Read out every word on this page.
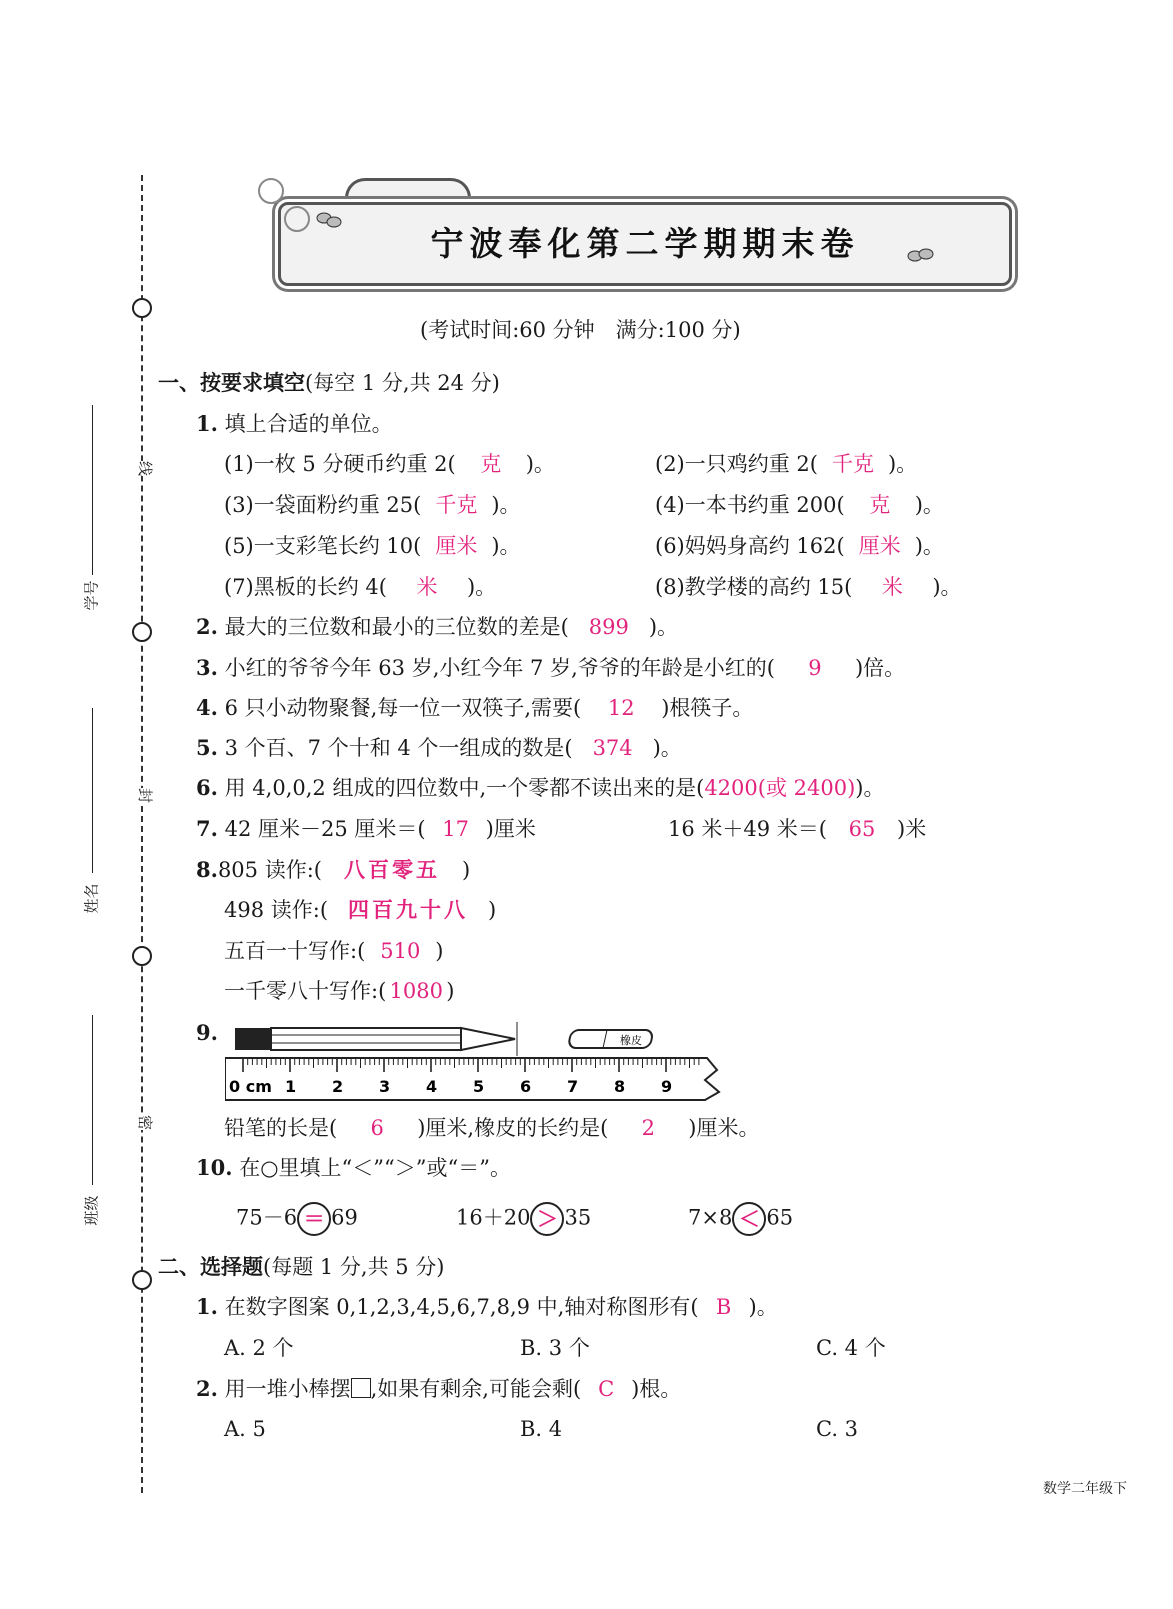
线
封
密
学号
姓名
班级
宁波奉化第二学期期末卷
(考试时间:60 分钟　满分:100 分)
一、按要求填空(每空 1 分,共 24 分)
1. 填上合适的单位。
(1)一枚 5 分硬币约重 2( 克 )。	(2)一只鸡约重 2( 千克 )。
(3)一袋面粉约重 25( 千克 )。	(4)一本书约重 200( 克 )。
(5)一支彩笔长约 10( 厘米 )。	(6)妈妈身高约 162( 厘米 )。
(7)黑板的长约 4( 米 )。	(8)教学楼的高约 15( 米 )。
2. 最大的三位数和最小的三位数的差是( 899 )。
3. 小红的爷爷今年 63 岁,小红今年 7 岁,爷爷的年龄是小红的( 9 )倍。
4. 6 只小动物聚餐,每一位一双筷子,需要( 12 )根筷子。
5. 3 个百、7 个十和 4 个一组成的数是( 374 )。
6. 用 4,0,0,2 组成的四位数中,一个零都不读出来的是(4200(或 2400))。
7. 42 厘米－25 厘米＝( 17 )厘米	16 米＋49 米＝( 65 )米
8.805 读作:( 八百零五 )
498 读作:( 四百九十八 )
五百一十写作:( 510 )
一千零八十写作:( 1080 )
9.	橡皮
0 cm 1 2 3 4 5 6 7 8 9
铅笔的长是( 6 )厘米,橡皮的长约是( 2 )厘米。
10. 在○里填上“＜”“＞”或“＝”。
75－6 ＝ 69	16＋20 ＞ 35	7×8 ＜ 65
二、选择题(每题 1 分,共 5 分)
1. 在数字图案 0,1,2,3,4,5,6,7,8,9 中,轴对称图形有( B )。
A. 2 个	B. 3 个	C. 4 个
2. 用一堆小棒摆 ,如果有剩余,可能会剩( C )根。
A. 5	B. 4	C. 3
数学二年级下
